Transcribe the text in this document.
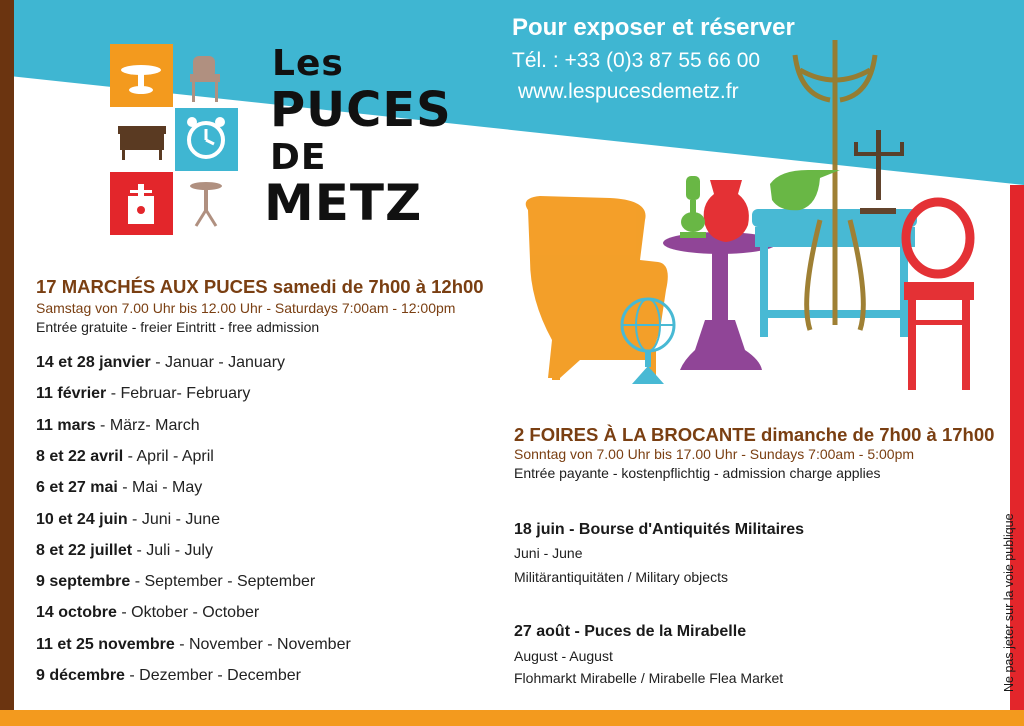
Pour exposer et réserver
Tél. : +33 (0)3 87 55 66 00
www.lespucesdemetz.fr
Les
PUCES
DE
METZ
17 MARCHÉS AUX PUCES samedi de 7h00 à 12h00
Samstag von 7.00 Uhr bis 12.00 Uhr - Saturdays 7:00am - 12:00pm
Entrée gratuite - freier Eintritt - free admission
14 et 28 janvier - Januar - January
11 février - Februar- February
11 mars - März- March
8 et 22 avril - April - April
6 et 27 mai - Mai - May
10 et 24 juin - Juni - June
8 et 22 juillet - Juli - July
9 septembre - September - September
14 octobre - Oktober - October
11 et 25 novembre - November - November
9 décembre - Dezember - December
2 FOIRES À LA BROCANTE dimanche de 7h00 à 17h00
Sonntag von 7.00 Uhr bis 17.00 Uhr - Sundays 7:00am - 5:00pm
Entrée payante - kostenpflichtig - admission charge applies
18 juin - Bourse d'Antiquités Militaires
Juni - June
Militärantiquitäten / Military objects
27 août - Puces de la Mirabelle
August - August
Flohmarkt Mirabelle / Mirabelle Flea Market	Ne pas jeter sur la voie publique
